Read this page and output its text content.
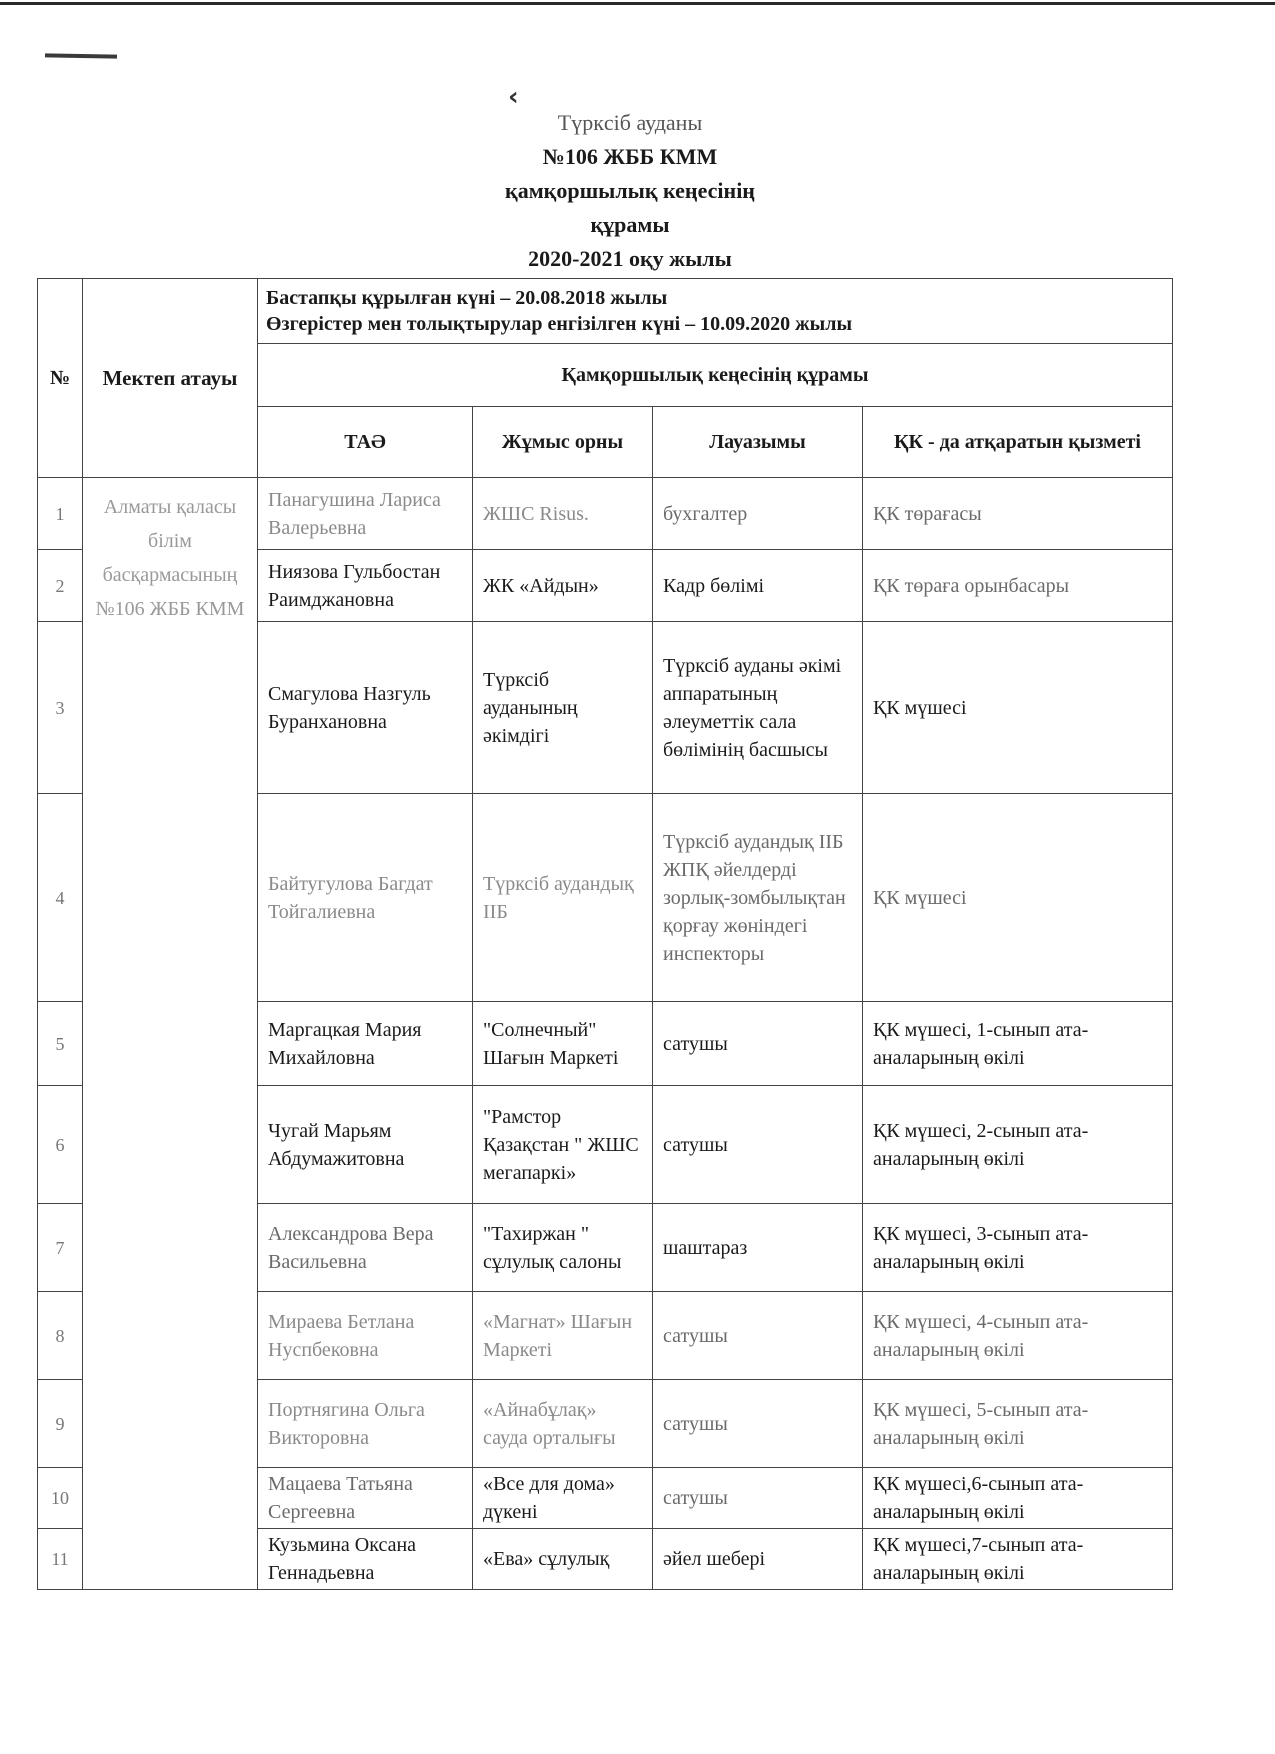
‹
Түркcіб ауданы
№106 ЖББ КММ
қамқоршылық кеңесінің
құрамы
2020-2021 оқу жылы
№	Мектеп атауы	Бастапқы құрылған күні – 20.08.2018 жылы
Өзгерістер мен толықтырулар енгізілген күні – 10.09.2020 жылы			

		Қамқоршылық кеңесінің құрамы			
		ТАӘ	Жұмыс орны	Лауазымы	ҚК - да атқаратын қызметі
1	Алматы қаласы білім басқармасының №106 ЖББ КММ	Панагушина Лариса Валерьевна	ЖШС Risus.	бухгалтер	ҚК төрағасы
2		Ниязова Гульбостан Раимджановна	ЖК «Айдын»	Кадр бөлімі	ҚК төраға орынбасары
3		Смагулова Назгуль Буранхановна	Түрксіб ауданының әкімдігі	Түрксіб ауданы әкімі аппаратының әлеуметтік сала бөлімінің басшысы	ҚК мүшесі
4		Байтугулова Багдат Тойгалиевна	Түрксіб аудандық ІІБ	Түрксіб аудандық ІІБ ЖПҚ әйелдерді зорлық-зомбылықтан қорғау жөніндегі инспекторы	ҚК мүшесі
5		Маргацкая Мария Михайловна	"Солнечный" Шағын Маркеті	сатушы	ҚК мүшесі, 1-сынып ата-аналарының өкілі
6		Чугай Марьям Абдумажитовна	"Рамстор Қазақстан " ЖШС мегапаркі»	сатушы	ҚК мүшесі, 2-сынып ата-аналарының өкілі
7		Александрова Вера Васильевна	"Тахиржан " сұлулық салоны	шаштараз	ҚК мүшесі, 3-сынып ата-аналарының өкілі
8		Мираева Бетлана Нуспбековна	«Магнат» Шағын Маркеті	сатушы	ҚК мүшесі, 4-сынып ата-аналарының өкілі
9		Портнягина Ольга Викторовна	«Айнабұлақ» сауда орталығы	сатушы	ҚК мүшесі, 5-сынып ата-аналарының өкілі
10		Мацаева Татьяна Сергеевна	«Все для дома» дүкені	сатушы	ҚК мүшесі,6-сынып ата-аналарының өкілі
11		Кузьмина Оксана Геннадьевна	«Ева» сұлулық	әйел шебері	ҚК мүшесі,7-сынып ата-аналарының өкілі
